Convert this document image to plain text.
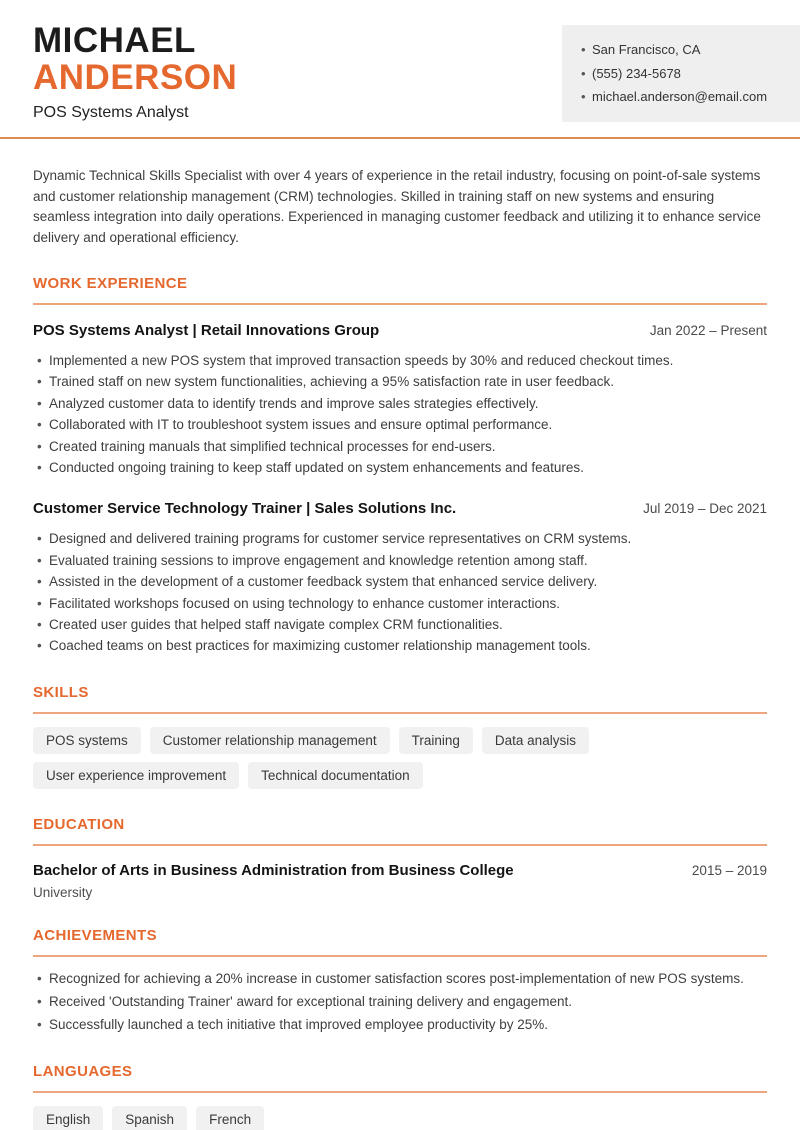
MICHAEL
ANDERSON
POS Systems Analyst
• San Francisco, CA
• (555) 234-5678
• michael.anderson@email.com

Dynamic Technical Skills Specialist with over 4 years of experience in the retail industry, focusing on point-of-sale systems and customer relationship management (CRM) technologies. Skilled in training staff on new systems and ensuring seamless integration into daily operations. Experienced in managing customer feedback and utilizing it to enhance service delivery and operational efficiency.

WORK EXPERIENCE
POS Systems Analyst | Retail Innovations Group	Jan 2022 – Present
• Implemented a new POS system that improved transaction speeds by 30% and reduced checkout times.
• Trained staff on new system functionalities, achieving a 95% satisfaction rate in user feedback.
• Analyzed customer data to identify trends and improve sales strategies effectively.
• Collaborated with IT to troubleshoot system issues and ensure optimal performance.
• Created training manuals that simplified technical processes for end-users.
• Conducted ongoing training to keep staff updated on system enhancements and features.
Customer Service Technology Trainer | Sales Solutions Inc.	Jul 2019 – Dec 2021
• Designed and delivered training programs for customer service representatives on CRM systems.
• Evaluated training sessions to improve engagement and knowledge retention among staff.
• Assisted in the development of a customer feedback system that enhanced service delivery.
• Facilitated workshops focused on using technology to enhance customer interactions.
• Created user guides that helped staff navigate complex CRM functionalities.
• Coached teams on best practices for maximizing customer relationship management tools.
SKILLS
POS systems	Customer relationship management	Training	Data analysis
User experience improvement	Technical documentation
EDUCATION
Bachelor of Arts in Business Administration from Business College	2015 – 2019
University
ACHIEVEMENTS
• Recognized for achieving a 20% increase in customer satisfaction scores post-implementation of new POS systems.
• Received 'Outstanding Trainer' award for exceptional training delivery and engagement.
• Successfully launched a tech initiative that improved employee productivity by 25%.
LANGUAGES
English	Spanish	French
